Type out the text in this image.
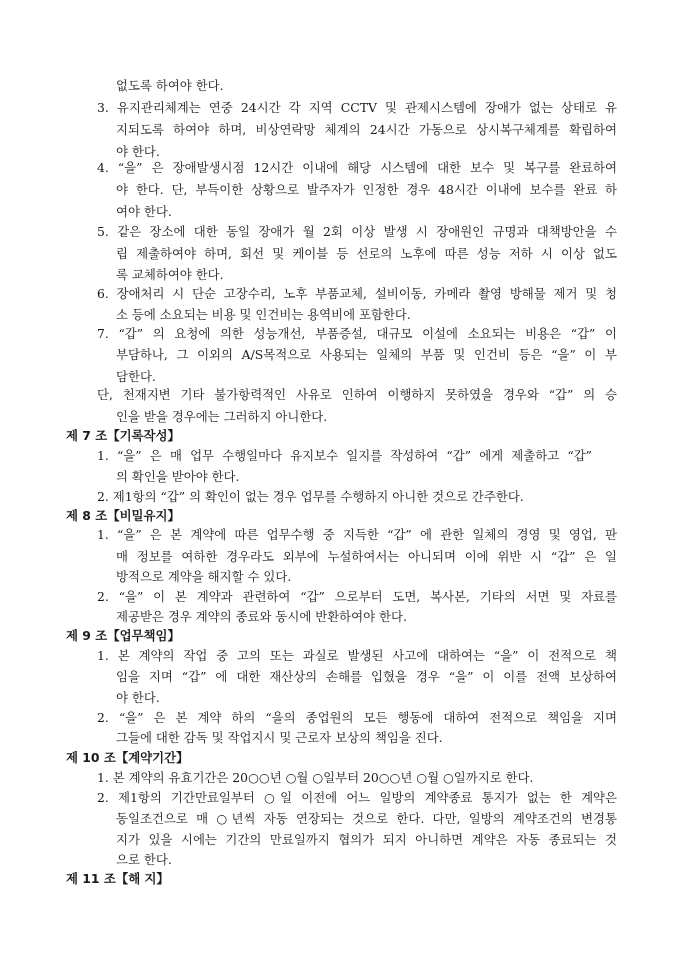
없도록 하여야 한다.
3. 유지관리체계는 연중 24시간 각 지역 CCTV 및 관제시스템에 장애가 없는 상태로 유
지되도록 하여야 하며, 비상연락망 체계의 24시간 가동으로 상시복구체계를 확립하여
야 한다.
4. “을” 은 장애발생시점 12시간 이내에 해당 시스템에 대한 보수 및 복구를 완료하여
야 한다. 단, 부득이한 상황으로 발주자가 인정한 경우 48시간 이내에 보수를 완료 하
여야 한다.
5. 같은 장소에 대한 동일 장애가 월 2회 이상 발생 시 장애원인 규명과 대책방안을 수
립 제출하여야 하며, 회선 및 케이블 등 선로의 노후에 따른 성능 저하 시 이상 없도
록 교체하여야 한다.
6. 장애처리 시 단순 고장수리, 노후 부품교체, 설비이동, 카메라 촬영 방해물 제거 및 청
소 등에 소요되는 비용 및 인건비는 용역비에 포함한다.
7. “갑” 의 요청에 의한 성능개선, 부품증설, 대규모 이설에 소요되는 비용은 “갑” 이
부담하나, 그 이외의 A/S목적으로 사용되는 일체의 부품 및 인건비 등은 “을” 이 부
담한다.
단, 천재지변 기타 불가항력적인 사유로 인하여 이행하지 못하였을 경우와 “갑” 의 승
인을 받을 경우에는 그러하지 아니한다.
제 7 조【기록작성】
1. “을” 은 매 업무 수행일마다 유지보수 일지를 작성하여 “갑” 에게 제출하고 “갑”
의 확인을 받아야 한다.
2. 제1항의 “갑” 의 확인이 없는 경우 업무를 수행하지 아니한 것으로 간주한다.
제 8 조【비밀유지】
1. “을” 은 본 계약에 따른 업무수행 중 지득한 “갑” 에 관한 일체의 경영 및 영업, 판
매 정보를 여하한 경우라도 외부에 누설하여서는 아니되며 이에 위반 시 “갑” 은 일
방적으로 계약을 해지할 수 있다.
2. “을” 이 본 계약과 관련하여 “갑” 으로부터 도면, 복사본, 기타의 서면 및 자료를
제공받은 경우 계약의 종료와 동시에 반환하여야 한다.
제 9 조【업무책임】
1. 본 계약의 작업 중 고의 또는 과실로 발생된 사고에 대하여는 “을” 이 전적으로 책
임을 지며 “갑” 에 대한 재산상의 손해를 입혔을 경우 “을” 이 이를 전액 보상하여
야 한다.
2. “을” 은 본 계약 하의 “을의 종업원의 모든 행동에 대하여 전적으로 책임을 지며
그들에 대한 감독 및 작업지시 및 근로자 보상의 책임을 진다.
제 10 조【계약기간】
1. 본 계약의 유효기간은 20○○년 ○월 ○일부터 20○○년 ○월 ○일까지로 한다.
2. 제1항의 기간만료일부터 ○일 이전에 어느 일방의 계약종료 통지가 없는 한 계약은
동일조건으로 매 ○년씩 자동 연장되는 것으로 한다. 다만, 일방의 계약조건의 변경통
지가 있을 시에는 기간의 만료일까지 협의가 되지 아니하면 계약은 자동 종료되는 것
으로 한다.
제 11 조【해 지】
